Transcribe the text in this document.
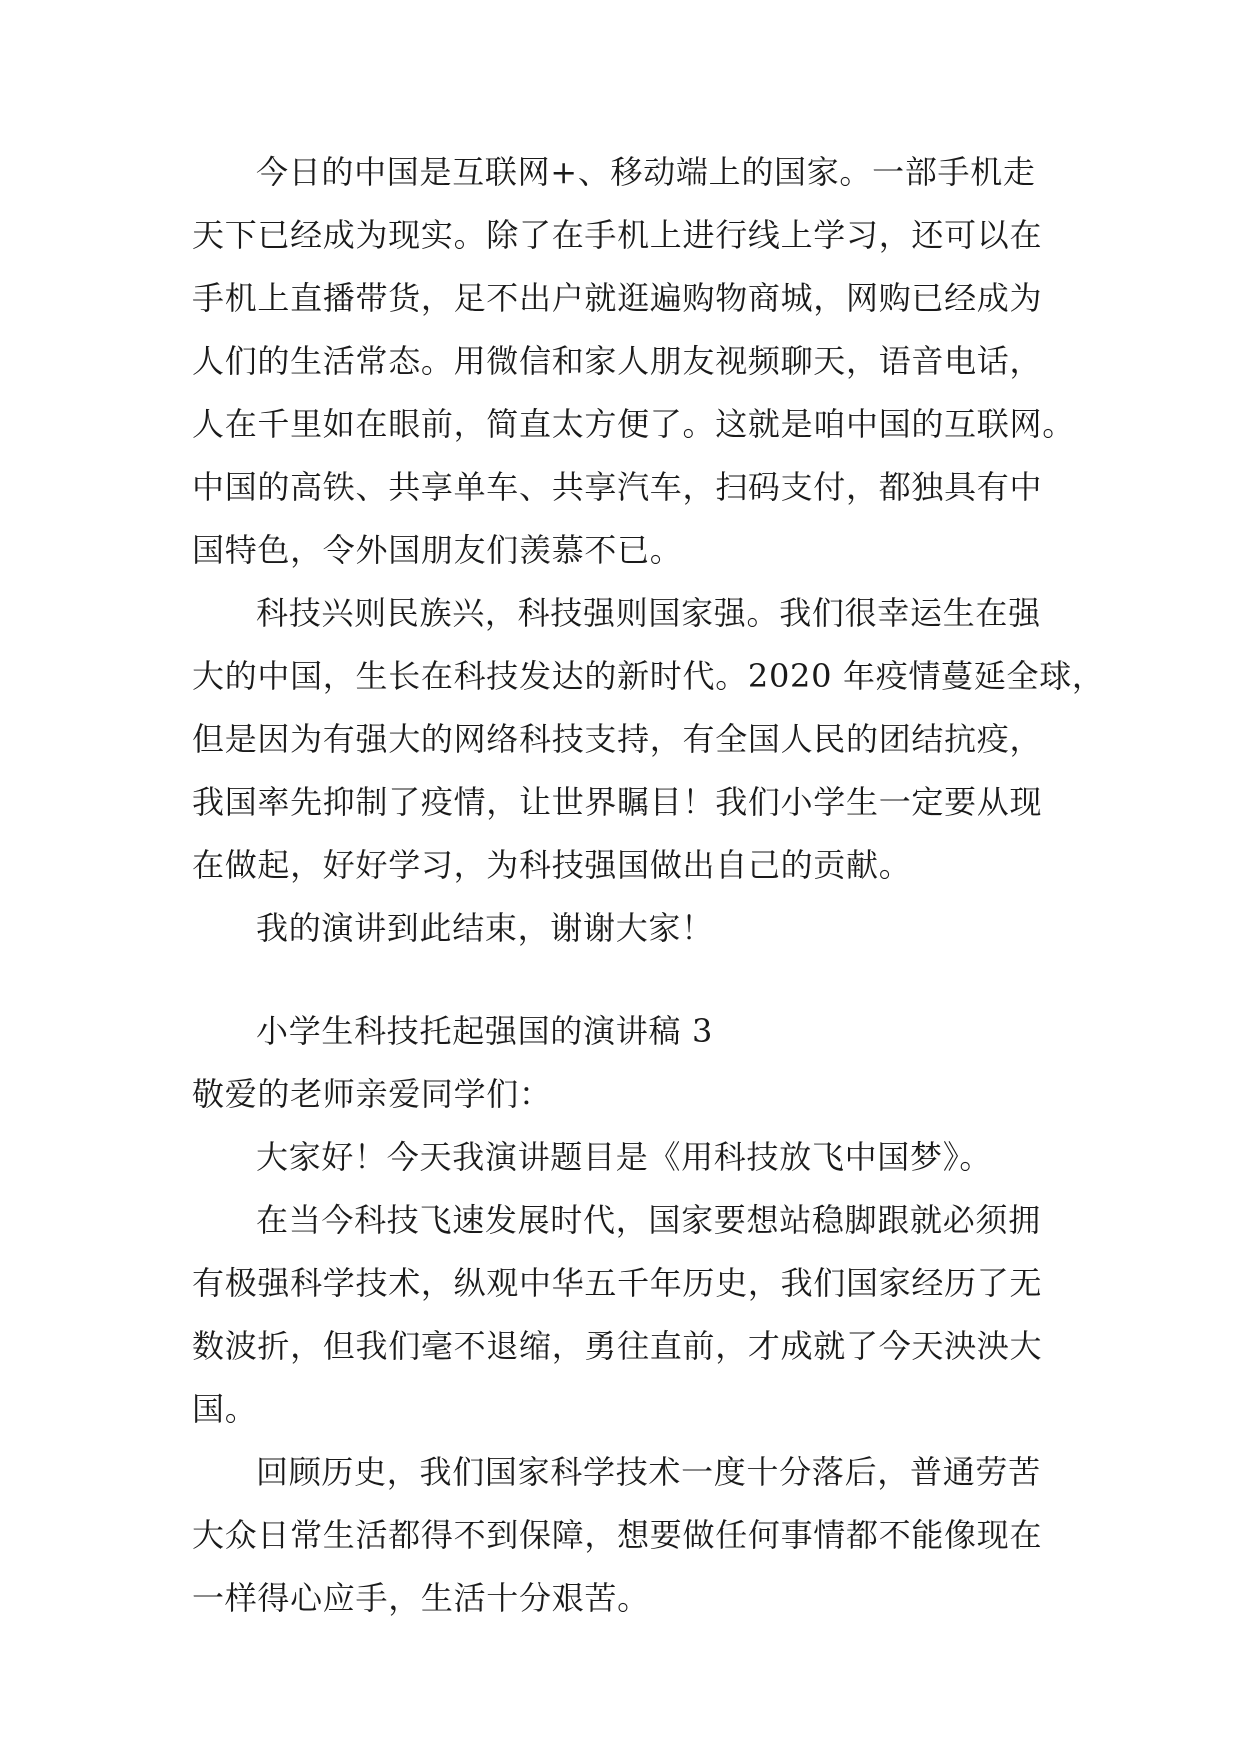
今日的中国是互联网+、移动端上的国家。一部手机走
天下已经成为现实。除了在手机上进行线上学习，还可以在
手机上直播带货，足不出户就逛遍购物商城，网购已经成为
人们的生活常态。用微信和家人朋友视频聊天，语音电话，
人在千里如在眼前，简直太方便了。这就是咱中国的互联网。
中国的高铁、共享单车、共享汽车，扫码支付，都独具有中
国特色，令外国朋友们羡慕不已。
科技兴则民族兴，科技强则国家强。我们很幸运生在强
大的中国，生长在科技发达的新时代。2020 年疫情蔓延全球，
但是因为有强大的网络科技支持，有全国人民的团结抗疫，
我国率先抑制了疫情，让世界瞩目！我们小学生一定要从现
在做起，好好学习，为科技强国做出自己的贡献。
我的演讲到此结束，谢谢大家！
小学生科技托起强国的演讲稿 3
敬爱的老师亲爱同学们：
大家好！今天我演讲题目是《用科技放飞中国梦》。
在当今科技飞速发展时代，国家要想站稳脚跟就必须拥
有极强科学技术，纵观中华五千年历史，我们国家经历了无
数波折，但我们毫不退缩，勇往直前，才成就了今天泱泱大
国。
回顾历史，我们国家科学技术一度十分落后，普通劳苦
大众日常生活都得不到保障，想要做任何事情都不能像现在
一样得心应手，生活十分艰苦。
